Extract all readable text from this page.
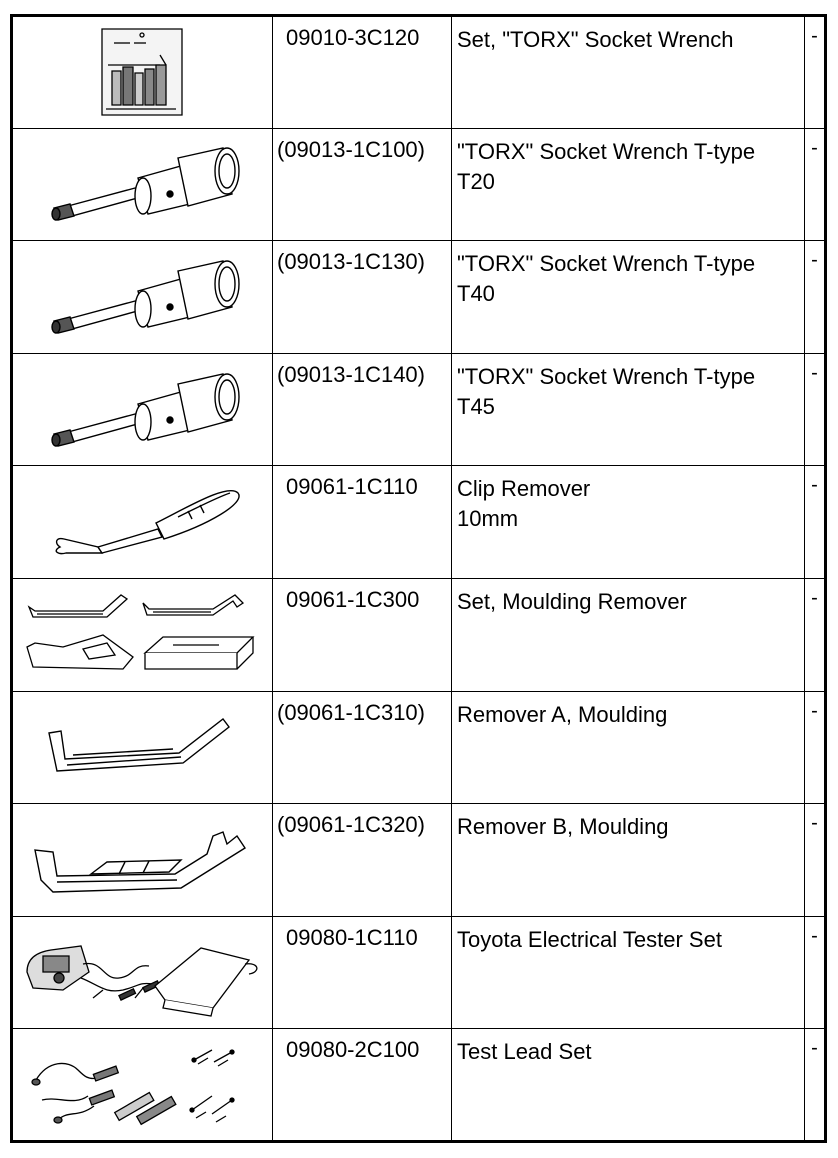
	09010-3C120	Set, "TORX" Socket Wrench	-

	(09013-1C100)	"TORX" Socket Wrench T-type
T20	-

	(09013-1C130)	"TORX" Socket Wrench T-type
T40	-

	(09013-1C140)	"TORX" Socket Wrench T-type
T45	-

	09061-1C110	Clip Remover
10mm	-

	09061-1C300	Set, Moulding Remover	-

	(09061-1C310)	Remover A, Moulding	-

	(09061-1C320)	Remover B, Moulding	-

	09080-1C110	Toyota Electrical Tester Set	-

	09080-2C100	Test Lead Set	-
